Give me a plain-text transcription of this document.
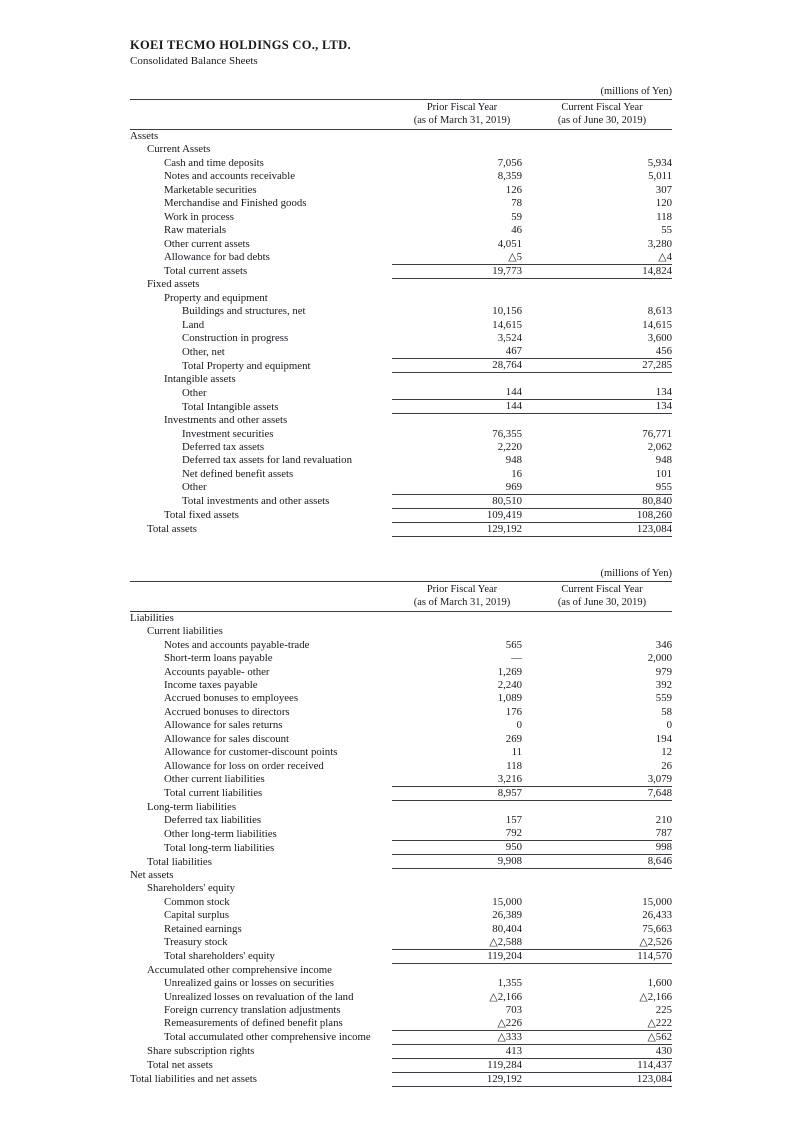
KOEI TECMO HOLDINGS CO., LTD.
Consolidated Balance Sheets
(millions of Yen)

Prior Fiscal Year
(as of March 31, 2019)

Current Fiscal Year
(as of June 30, 2019)

Assets		
Current Assets		
Cash and time deposits	7,056	5,934
Notes and accounts receivable	8,359	5,011
Marketable securities	126	307
Merchandise and Finished goods	78	120
Work in process	59	118
Raw materials	46	55
Other current assets	4,051	3,280
Allowance for bad debts	△5	△4
Total current assets	19,773	14,824
Fixed assets		
Property and equipment		
Buildings and structures, net	10,156	8,613
Land	14,615	14,615
Construction in progress	3,524	3,600
Other, net	467	456
Total Property and equipment	28,764	27,285
Intangible assets		
Other	144	134
Total Intangible assets	144	134
Investments and other assets		
Investment securities	76,355	76,771
Deferred tax assets	2,220	2,062
Deferred tax assets for land revaluation	948	948
Net defined benefit assets	16	101
Other	969	955
Total investments and other assets	80,510	80,840
Total fixed assets	109,419	108,260
Total assets	129,192	123,084
(millions of Yen)

Prior Fiscal Year
(as of March 31, 2019)

Current Fiscal Year
(as of June 30, 2019)

Liabilities		
Current liabilities		
Notes and accounts payable-trade	565	346
Short-term loans payable	—	2,000
Accounts payable- other	1,269	979
Income taxes payable	2,240	392
Accrued bonuses to employees	1,089	559
Accrued bonuses to directors	176	58
Allowance for sales returns	0	0
Allowance for sales discount	269	194
Allowance for customer-discount points	11	12
Allowance for loss on order received	118	26
Other current liabilities	3,216	3,079
Total current liabilities	8,957	7,648
Long-term liabilities		
Deferred tax liabilities	157	210
Other long-term liabilities	792	787
Total long-term liabilities	950	998
Total liabilities	9,908	8,646
Net assets		
Shareholders' equity		
Common stock	15,000	15,000
Capital surplus	26,389	26,433
Retained earnings	80,404	75,663
Treasury stock	△2,588	△2,526
Total shareholders' equity	119,204	114,570
Accumulated other comprehensive income		
Unrealized gains or losses on securities	1,355	1,600
Unrealized losses on revaluation of the land	△2,166	△2,166
Foreign currency translation adjustments	703	225
Remeasurements of defined benefit plans	△226	△222
Total accumulated other comprehensive income	△333	△562
Share subscription rights	413	430
Total net assets	119,284	114,437
Total liabilities and net assets	129,192	123,084
